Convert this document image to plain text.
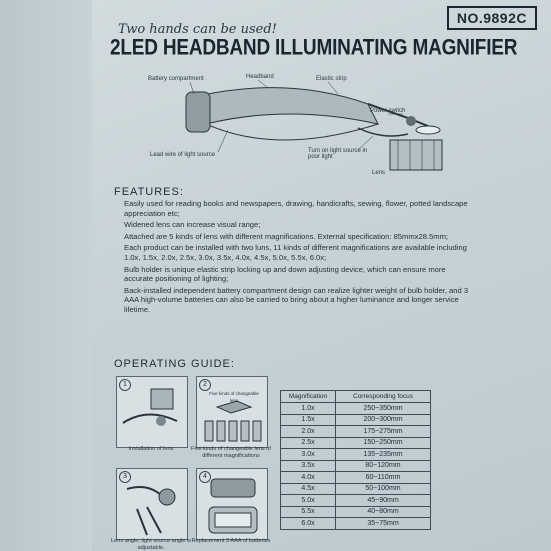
Two hands can be used!
NO.9892C
2LED HEADBAND ILLUMINATING MAGNIFIER
Battery compartment	Headband	Elastic strip
Power switch
Lead wire of light source
Turn on light source in poor light
Lens
FEATURES:

Easily used for reading books and newspapers, drawing, handicrafts, sewing, flower, potted landscape appreciation etc;

Widened lens can increase visual range;

Attached are 5 kinds of lens with different magnifications. External specification: 85mmx28.5mm;

Each product can be installed with two luns, 11 kinds of different magnifications are available including 1.0x, 1.5x, 2.0x, 2.5x, 3.0x, 3.5x, 4.0x, 4.5x, 5.0x, 5.5x, 6.0x;

Bulb holder is unique elastic strip locking up and down adjusting device, which can ensure more accurate positioning of lighting;

Back-installed independent battery compartment design can realize lighter weight of bulb holder, and 3 AAA high-volume batteries can also be carried to bring about a higher luminance and longer service lifetime.

OPERATING GUIDE:
1
Installation of lens
2
Five kinds of changeable lens
Five kinds of changeable lens of different magnifications
3
Lens angle, light source angle is adjustable.
4
Replacement 3 AAA of batteries
Magnification	Corresponding focus
1.0x	250~350mm
1.5x	200~300mm
2.0x	175~275mm
2.5x	150~250mm
3.0x	135~235mm
3.5x	80~120mm
4.0x	60~110mm
4.5x	50~100mm
5.0x	45~90mm
5.5x	40~80mm
6.0x	35~75mm
